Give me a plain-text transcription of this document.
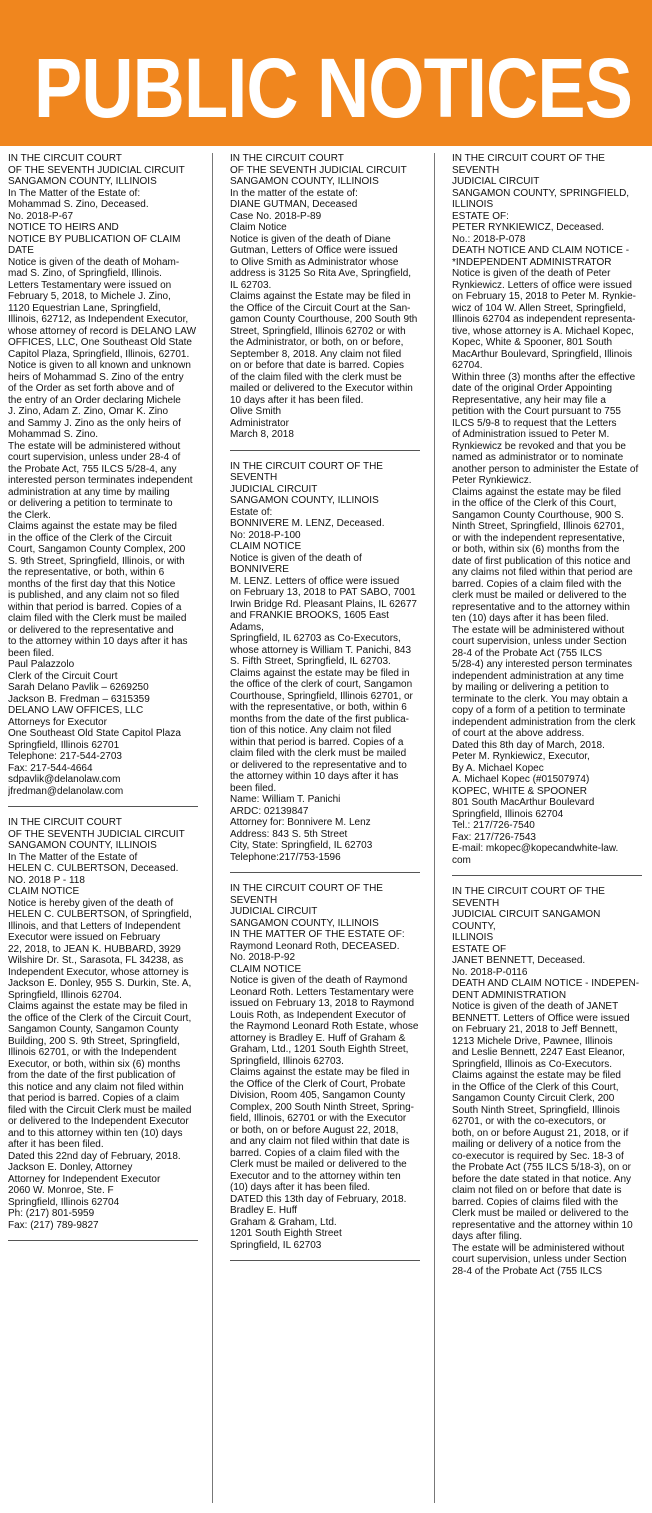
PUBLIC NOTICES

IN THE CIRCUIT COURT
OF THE SEVENTH JUDICIAL CIRCUIT
SANGAMON COUNTY, ILLINOIS
In The Matter of the Estate of:
Mohammad S. Zino, Deceased.
No. 2018-P-67
NOTICE TO HEIRS AND
NOTICE BY PUBLICATION OF CLAIM DATE
Notice is given of the death of Moham-
mad S. Zino, of Springfield, Illinois.
Letters Testamentary were issued on
February 5, 2018, to Michele J. Zino,
1120 Equestrian Lane, Springfield,
Illinois, 62712, as Independent Executor,
whose attorney of record is DELANO LAW
OFFICES, LLC, One Southeast Old State
Capitol Plaza, Springfield, Illinois, 62701.
Notice is given to all known and unknown
heirs of Mohammad S. Zino of the entry
of the Order as set forth above and of
the entry of an Order declaring Michele
J. Zino, Adam Z. Zino, Omar K. Zino
and Sammy J. Zino as the only heirs of
Mohammad S. Zino.
The estate will be administered without
court supervision, unless under 28-4 of
the Probate Act, 755 ILCS 5/28-4, any
interested person terminates independent
administration at any time by mailing
or delivering a petition to terminate to
the Clerk.
Claims against the estate may be filed
in the office of the Clerk of the Circuit
Court, Sangamon County Complex, 200
S. 9th Street, Springfield, Illinois, or with
the representative, or both, within 6
months of the first day that this Notice
is published, and any claim not so filed
within that period is barred. Copies of a
claim filed with the Clerk must be mailed
or delivered to the representative and
to the attorney within 10 days after it has
been filed.
Paul Palazzolo
Clerk of the Circuit Court
Sarah Delano Pavlik – 6269250
Jackson B. Fredman – 6315359
DELANO LAW OFFICES, LLC
Attorneys for Executor
One Southeast Old State Capitol Plaza
Springfield, Illinois 62701
Telephone: 217-544-2703
Fax: 217-544-4664
sdpavlik@delanolaw.com
jfredman@delanolaw.com

IN THE CIRCUIT COURT
OF THE SEVENTH JUDICIAL CIRCUIT
SANGAMON COUNTY, ILLINOIS
In The Matter of the Estate of
HELEN C. CULBERTSON, Deceased.
NO. 2018 P - 118
CLAIM NOTICE
Notice is hereby given of the death of
HELEN C. CULBERTSON, of Springfield,
Illinois, and that Letters of Independent
Executor were issued on February
22, 2018, to JEAN K. HUBBARD, 3929
Wilshire Dr. St., Sarasota, FL 34238, as
Independent Executor, whose attorney is
Jackson E. Donley, 955 S. Durkin, Ste. A,
Springfield, Illinois 62704.
Claims against the estate may be filed in
the office of the Clerk of the Circuit Court,
Sangamon County, Sangamon County
Building, 200 S. 9th Street, Springfield,
Illinois 62701, or with the Independent
Executor, or both, within six (6) months
from the date of the first publication of
this notice and any claim not filed within
that period is barred. Copies of a claim
filed with the Circuit Clerk must be mailed
or delivered to the Independent Executor
and to this attorney within ten (10) days
after it has been filed.
Dated this 22nd day of February, 2018.
Jackson E. Donley, Attorney
Attorney for Independent Executor
2060 W. Monroe, Ste. F
Springfield, Illinois 62704
Ph: (217) 801-5959
Fax: (217) 789-9827

IN THE CIRCUIT COURT
OF THE SEVENTH JUDICIAL CIRCUIT
SANGAMON COUNTY, ILLINOIS
In the matter of the estate of:
DIANE GUTMAN, Deceased
Case No. 2018-P-89
Claim Notice
Notice is given of the death of Diane
Gutman, Letters of Office were issued
to Olive Smith as Administrator whose
address is 3125 So Rita Ave, Springfield,
IL 62703.
Claims against the Estate may be filed in
the Office of the Circuit Court at the San-
gamon County Courthouse, 200 South 9th
Street, Springfield, Illinois 62702 or with
the Administrator, or both, on or before,
September 8, 2018. Any claim not filed
on or before that date is barred. Copies
of the claim filed with the clerk must be
mailed or delivered to the Executor within
10 days after it has been filed.
Olive Smith
Administrator
March 8, 2018

IN THE CIRCUIT COURT OF THE SEVENTH
JUDICIAL CIRCUIT
SANGAMON COUNTY, ILLINOIS
Estate of:
BONNIVERE M. LENZ, Deceased.
No: 2018-P-100
CLAIM NOTICE
Notice is given of the death of BONNIVERE
M. LENZ. Letters of office were issued
on February 13, 2018 to PAT SABO, 7001
Irwin Bridge Rd. Pleasant Plains, IL 62677
and FRANKIE BROOKS, 1605 East Adams,
Springfield, IL 62703 as Co-Executors,
whose attorney is William T. Panichi, 843
S. Fifth Street, Springfield, IL 62703.
Claims against the estate may be filed in
the office of the clerk of court, Sangamon
Courthouse, Springfield, Illinois 62701, or
with the representative, or both, within 6
months from the date of the first publica-
tion of this notice. Any claim not filed
within that period is barred. Copies of a
claim filed with the clerk must be mailed
or delivered to the representative and to
the attorney within 10 days after it has
been filed.
Name: William T. Panichi
ARDC: 02139847
Attorney for: Bonnivere M. Lenz
Address: 843 S. 5th Street
City, State: Springfield, IL 62703
Telephone:217/753-1596

IN THE CIRCUIT COURT OF THE SEVENTH
JUDICIAL CIRCUIT
SANGAMON COUNTY, ILLINOIS
IN THE MATTER OF THE ESTATE OF:
Raymond Leonard Roth, DECEASED.
No. 2018-P-92
CLAIM NOTICE
Notice is given of the death of Raymond
Leonard Roth. Letters Testamentary were
issued on February 13, 2018 to Raymond
Louis Roth, as Independent Executor of
the Raymond Leonard Roth Estate, whose
attorney is Bradley E. Huff of Graham &
Graham, Ltd., 1201 South Eighth Street,
Springfield, Illinois 62703.
Claims against the estate may be filed in
the Office of the Clerk of Court, Probate
Division, Room 405, Sangamon County
Complex, 200 South Ninth Street, Spring-
field, Illinois, 62701 or with the Executor
or both, on or before August 22, 2018,
and any claim not filed within that date is
barred. Copies of a claim filed with the
Clerk must be mailed or delivered to the
Executor and to the attorney within ten
(10) days after it has been filed.
DATED this 13th day of February, 2018.
Bradley E. Huff
Graham & Graham, Ltd.
1201 South Eighth Street
Springfield, IL 62703

IN THE CIRCUIT COURT OF THE SEVENTH
JUDICIAL CIRCUIT
SANGAMON COUNTY, SPRINGFIELD,
ILLINOIS
ESTATE OF:
PETER RYNKIEWICZ, Deceased.
No.: 2018-P-078
DEATH NOTICE AND CLAIM NOTICE -
*INDEPENDENT ADMINISTRATOR
Notice is given of the death of Peter
Rynkiewicz. Letters of office were issued
on February 15, 2018 to Peter M. Rynkie-
wicz of 104 W. Allen Street, Springfield,
Illinois 62704 as independent representa-
tive, whose attorney is A. Michael Kopec,
Kopec, White & Spooner, 801 South
MacArthur Boulevard, Springfield, Illinois
62704.
Within three (3) months after the effective
date of the original Order Appointing
Representative, any heir may file a
petition with the Court pursuant to 755
ILCS 5/9-8 to request that the Letters
of Administration issued to Peter M.
Rynkiewicz be revoked and that you be
named as administrator or to nominate
another person to administer the Estate of
Peter Rynkiewicz.
Claims against the estate may be filed
in the office of the Clerk of this Court,
Sangamon County Courthouse, 900 S.
Ninth Street, Springfield, Illinois 62701,
or with the independent representative,
or both, within six (6) months from the
date of first publication of this notice and
any claims not filed within that period are
barred. Copies of a claim filed with the
clerk must be mailed or delivered to the
representative and to the attorney within
ten (10) days after it has been filed.
The estate will be administered without
court supervision, unless under Section
28-4 of the Probate Act (755 ILCS
5/28-4) any interested person terminates
independent administration at any time
by mailing or delivering a petition to
terminate to the clerk. You may obtain a
copy of a form of a petition to terminate
independent administration from the clerk
of court at the above address.
Dated this 8th day of March, 2018.
Peter M. Rynkiewicz, Executor,
By A. Michael Kopec
A. Michael Kopec (#01507974)
KOPEC, WHITE & SPOONER
801 South MacArthur Boulevard
Springfield, Illinois 62704
Tel.: 217/726-7540
Fax: 217/726-7543
E-mail: mkopec@kopecandwhite-law.
com

IN THE CIRCUIT COURT OF THE SEVENTH
JUDICIAL CIRCUIT SANGAMON COUNTY,
ILLINOIS
ESTATE OF
JANET BENNETT, Deceased.
No. 2018-P-0116
DEATH AND CLAIM NOTICE - INDEPEN-
DENT ADMINISTRATION
Notice is given of the death of JANET
BENNETT. Letters of Office were issued
on February 21, 2018 to Jeff Bennett,
1213 Michele Drive, Pawnee, Illinois
and Leslie Bennett, 2247 East Eleanor,
Springfield, Illinois as Co-Executors.
Claims against the estate may be filed
in the Office of the Clerk of this Court,
Sangamon County Circuit Clerk, 200
South Ninth Street, Springfield, Illinois
62701, or with the co-executors, or
both, on or before August 21, 2018, or if
mailing or delivery of a notice from the
co-executor is required by Sec. 18-3 of
the Probate Act (755 ILCS 5/18-3), on or
before the date stated in that notice. Any
claim not filed on or before that date is
barred. Copies of claims filed with the
Clerk must be mailed or delivered to the
representative and the attorney within 10
days after filing.
The estate will be administered without
court supervision, unless under Section
28-4 of the Probate Act (755 ILCS
